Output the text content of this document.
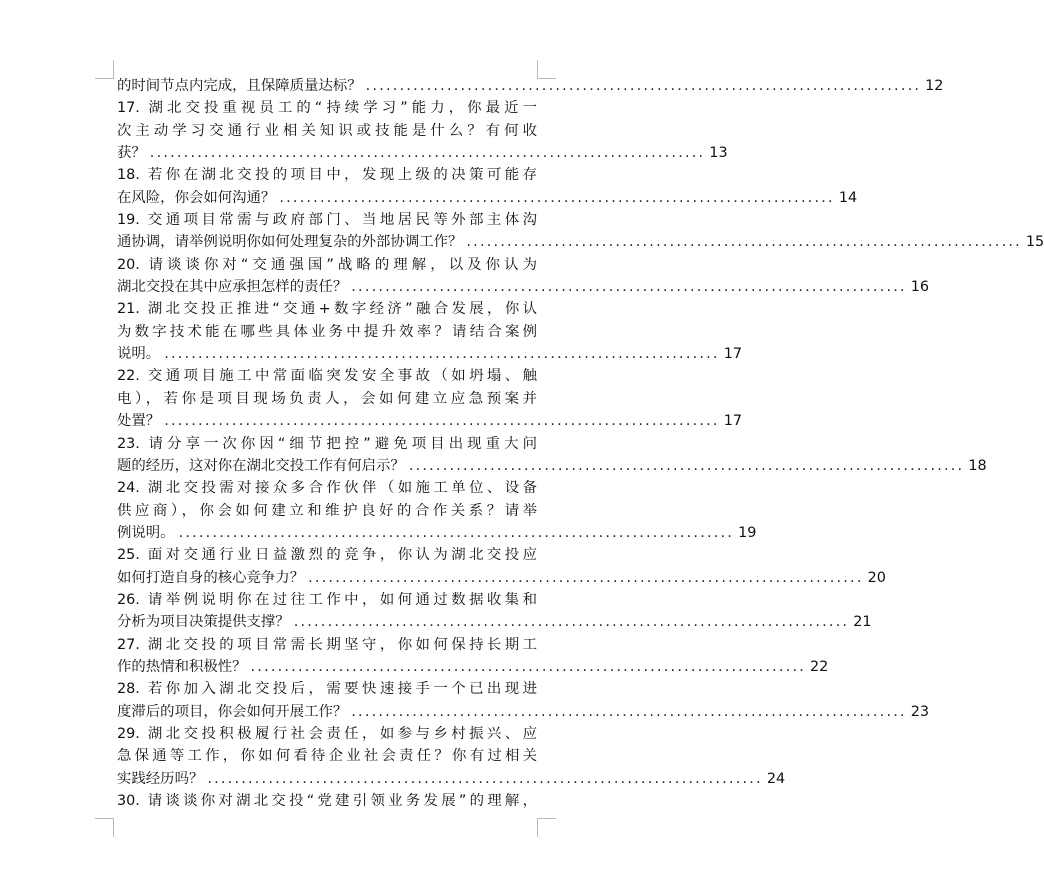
的时间节点内完成，且保障质量达标？ .................................................................................. 12
17. 湖北交投重视员工的“持续学习”能力，你最近一
次主动学习交通行业相关知识或技能是什么？有何收
获？ .................................................................................. 13
18. 若你在湖北交投的项目中，发现上级的决策可能存
在风险，你会如何沟通？ .................................................................................. 14
19. 交通项目常需与政府部门、当地居民等外部主体沟
通协调，请举例说明你如何处理复杂的外部协调工作？ .................................................................................. 15
20. 请谈谈你对“交通强国”战略的理解，以及你认为
湖北交投在其中应承担怎样的责任？ .................................................................................. 16
21. 湖北交投正推进“交通+数字经济”融合发展，你认
为数字技术能在哪些具体业务中提升效率？请结合案例
说明。 .................................................................................. 17
22. 交通项目施工中常面临突发安全事故（如坍塌、触
电），若你是项目现场负责人，会如何建立应急预案并
处置？ .................................................................................. 17
23. 请分享一次你因“细节把控”避免项目出现重大问
题的经历，这对你在湖北交投工作有何启示？ .................................................................................. 18
24. 湖北交投需对接众多合作伙伴（如施工单位、设备
供应商），你会如何建立和维护良好的合作关系？请举
例说明。 .................................................................................. 19
25. 面对交通行业日益激烈的竞争，你认为湖北交投应
如何打造自身的核心竞争力？ .................................................................................. 20
26. 请举例说明你在过往工作中，如何通过数据收集和
分析为项目决策提供支撑？ .................................................................................. 21
27. 湖北交投的项目常需长期坚守，你如何保持长期工
作的热情和积极性？ .................................................................................. 22
28. 若你加入湖北交投后，需要快速接手一个已出现进
度滞后的项目，你会如何开展工作？ .................................................................................. 23
29. 湖北交投积极履行社会责任，如参与乡村振兴、应
急保通等工作，你如何看待企业社会责任？你有过相关
实践经历吗？ .................................................................................. 24
30. 请谈谈你对湖北交投“党建引领业务发展”的理解，
